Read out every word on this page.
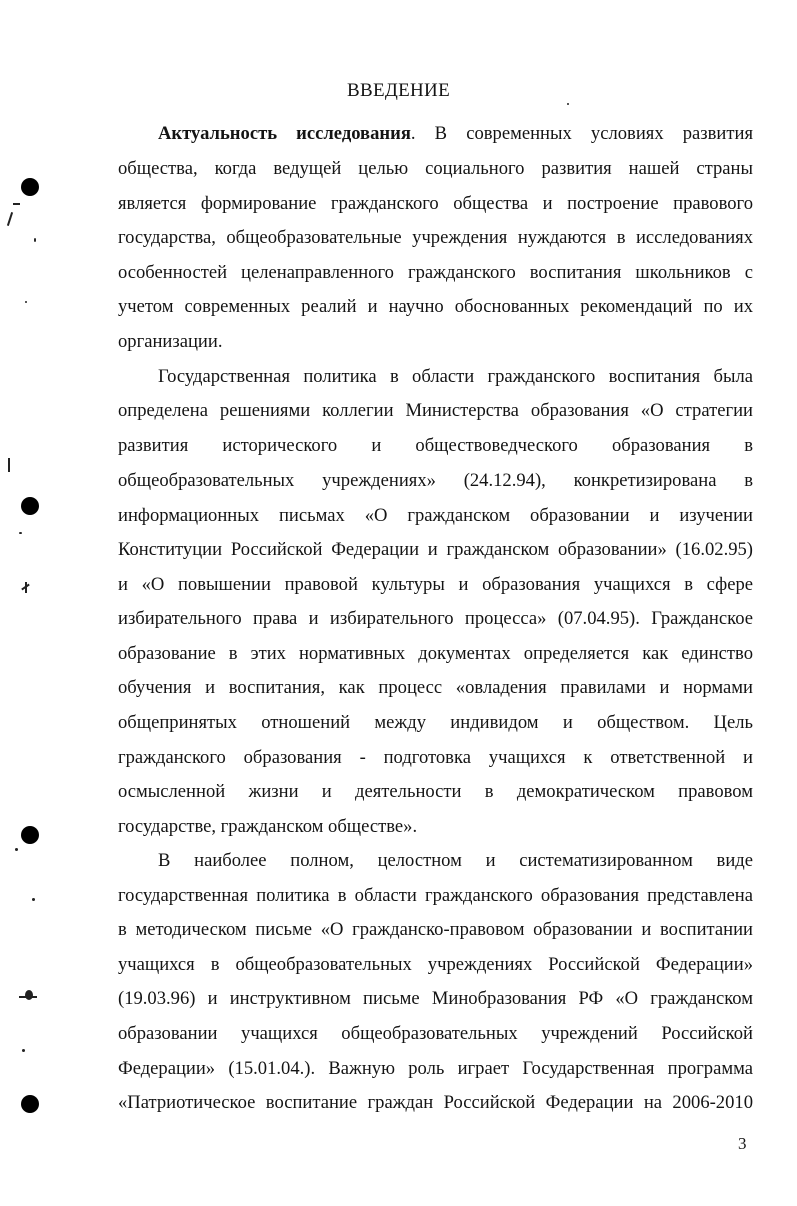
ВВЕДЕНИЕ
Актуальность исследования. В современных условиях развития
общества, когда ведущей целью социального развития нашей страны
является формирование гражданского общества и построение правового
государства, общеобразовательные учреждения нуждаются в исследованиях
особенностей целенаправленного гражданского воспитания школьников с
учетом современных реалий и научно обоснованных рекомендаций по их
организации.
Государственная политика в области гражданского воспитания была
определена решениями коллегии Министерства образования «О стратегии
развития исторического и обществоведческого образования в
общеобразовательных учреждениях» (24.12.94), конкретизирована в
информационных письмах «О гражданском образовании и изучении
Конституции Российской Федерации и гражданском образовании» (16.02.95)
и «О повышении правовой культуры и образования учащихся в сфере
избирательного права и избирательного процесса» (07.04.95). Гражданское
образование в этих нормативных документах определяется как единство
обучения и воспитания, как процесс «овладения правилами и нормами
общепринятых отношений между индивидом и обществом. Цель
гражданского образования - подготовка учащихся к ответственной и
осмысленной жизни и деятельности в демократическом правовом
государстве, гражданском обществе».
В наиболее полном, целостном и систематизированном виде
государственная политика в области гражданского образования представлена
в методическом письме «О гражданско-правовом образовании и воспитании
учащихся в общеобразовательных учреждениях Российской Федерации»
(19.03.96) и инструктивном письме Минобразования РФ «О гражданском
образовании учащихся общеобразовательных учреждений Российской
Федерации» (15.01.04.). Важную роль играет Государственная программа
«Патриотическое воспитание граждан Российской Федерации на 2006-2010
3
